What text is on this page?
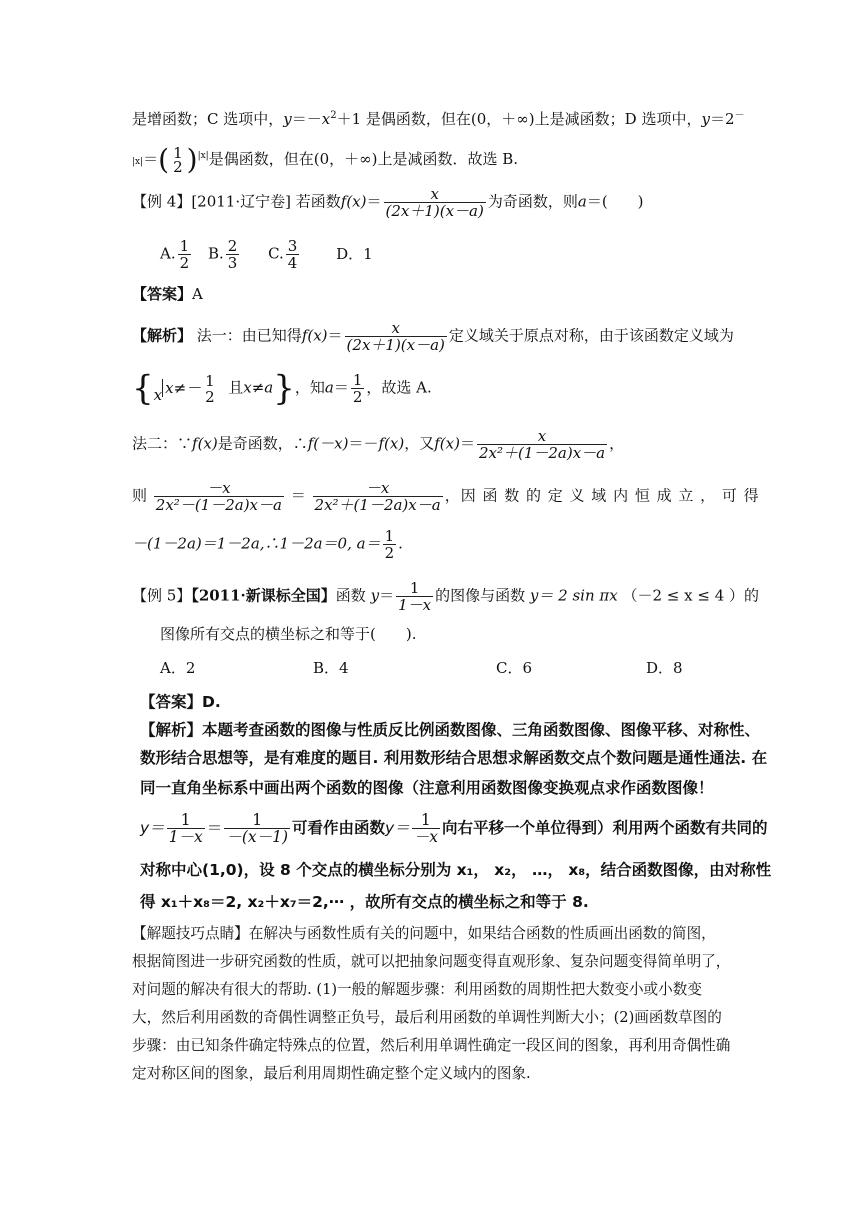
是增函数；C 选项中，$y=-x^2+1$ 是偶函数，但在(0，＋∞)上是减函数；D 选项中，y＝2－
|x|＝( 1
2 )$^{|x|}$是偶函数，但在(0，＋∞)上是减函数．故选 B.
【例 4】[2011·辽宁卷] 若函数$f(x)= \frac{x}{(2x+1)(x-a)}$ 为奇函数，则a＝(　　)
A. $\frac{1}{2} B$. $\frac{2}{3} C$. $\frac{3}{4}$ D．1
【答案】A
【解析】 法一：由已知得$f(x)= \frac{x}{(2x+1)(x-a)}$ 定义域关于原点对称，由于该函数定义域为
{x x≠－ 1
2 且x≠a}，知$a= \frac{1}{2}$ ，故选 A.
法二：∵f(x)是奇函数，∴f(－x)＝－f(x)，又$f(x)= \frac{x}{\text{2x²＋(1－2a)x－a}}$ ，
则 $\frac{-x}{\text{2x²－(1－2a)x－a}} = \frac{-x}{\text{2x²＋(1－2a)x－a}}$ ，因 函 数 的 定 义 域 内 恒 成 立 ， 可 得
－(1－2a)＝1－2a,∴1－2a＝0, $a= \frac{1}{2}$ .
【例 5】【2011·新课标全国】函数 $y= \frac{1}{1-x}$ 的图像与函数 y＝ 2 sin πx （－2 ≤ x ≤ 4 ）的
图像所有交点的横坐标之和等于(　　).
A．2	B．4	C．6	D．8
【答案】D.
【解析】本题考查函数的图像与性质反比例函数图像、三角函数图像、图像平移、对称性、
数形结合思想等，是有难度的题目. 利用数形结合思想求解函数交点个数问题是通性通法. 在
同一直角坐标系中画出两个函数的图像（注意利用函数图像变换观点求作函数图像！
$y= \frac{1}{1-x} = \frac{1}{-(x-1)}$ 可看作由函数$y= \frac{1}{-x}$ 向右平移一个单位得到）利用两个函数有共同的
对称中心(1,0)，设 8 个交点的横坐标分别为 x₁， x₂， …， x₈，结合函数图像，由对称性
得 x₁＋x₈＝2, x₂＋x₇＝2,⋯ ，故所有交点的横坐标之和等于 8.
【解题技巧点睛】在解决与函数性质有关的问题中，如果结合函数的性质画出函数的简图，
根据简图进一步研究函数的性质，就可以把抽象问题变得直观形象、复杂问题变得简单明了，
对问题的解决有很大的帮助. (1)一般的解题步骤：利用函数的周期性把大数变小或小数变
大，然后利用函数的奇偶性调整正负号，最后利用函数的单调性判断大小；(2)画函数草图的
步骤：由已知条件确定特殊点的位置，然后利用单调性确定一段区间的图象，再利用奇偶性确
定对称区间的图象，最后利用周期性确定整个定义域内的图象.
